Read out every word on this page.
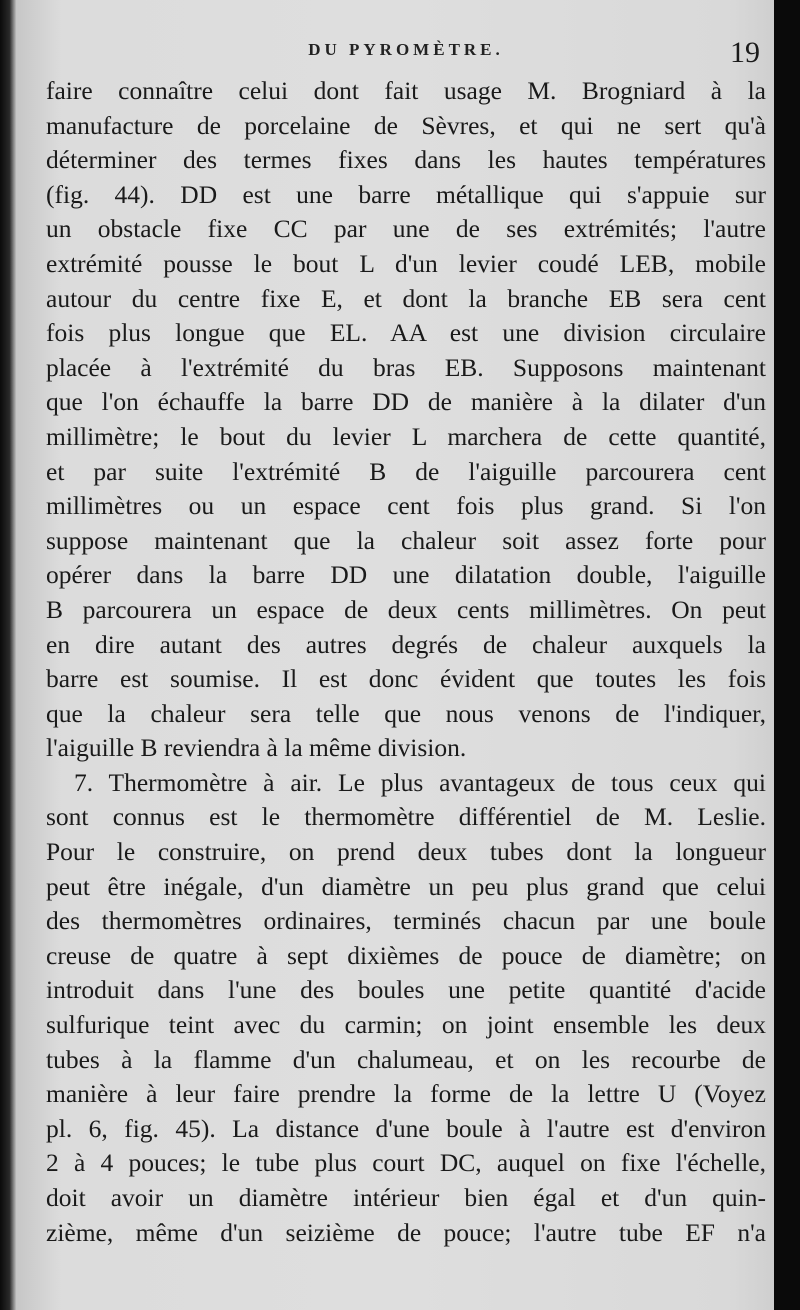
DU PYROMÈTRE.	19
faire connaître celui dont fait usage M. Brogniard à la
manufacture de porcelaine de Sèvres, et qui ne sert qu'à
déterminer des termes fixes dans les hautes températures
(fig. 44). DD est une barre métallique qui s'appuie sur
un obstacle fixe CC par une de ses extrémités; l'autre
extrémité pousse le bout L d'un levier coudé LEB, mobile
autour du centre fixe E, et dont la branche EB sera cent
fois plus longue que EL. AA est une division circulaire
placée à l'extrémité du bras EB. Supposons maintenant
que l'on échauffe la barre DD de manière à la dilater d'un
millimètre; le bout du levier L marchera de cette quantité,
et par suite l'extrémité B de l'aiguille parcourera cent
millimètres ou un espace cent fois plus grand. Si l'on
suppose maintenant que la chaleur soit assez forte pour
opérer dans la barre DD une dilatation double, l'aiguille
B parcourera un espace de deux cents millimètres. On peut
en dire autant des autres degrés de chaleur auxquels la
barre est soumise. Il est donc évident que toutes les fois
que la chaleur sera telle que nous venons de l'indiquer,
l'aiguille B reviendra à la même division.
7. Thermomètre à air. Le plus avantageux de tous ceux qui
sont connus est le thermomètre différentiel de M. Leslie.
Pour le construire, on prend deux tubes dont la longueur
peut être inégale, d'un diamètre un peu plus grand que celui
des thermomètres ordinaires, terminés chacun par une boule
creuse de quatre à sept dixièmes de pouce de diamètre; on
introduit dans l'une des boules une petite quantité d'acide
sulfurique teint avec du carmin; on joint ensemble les deux
tubes à la flamme d'un chalumeau, et on les recourbe de
manière à leur faire prendre la forme de la lettre U (Voyez
pl. 6, fig. 45). La distance d'une boule à l'autre est d'environ
2 à 4 pouces; le tube plus court DC, auquel on fixe l'échelle,
doit avoir un diamètre intérieur bien égal et d'un quin-
zième, même d'un seizième de pouce; l'autre tube EF n'a
